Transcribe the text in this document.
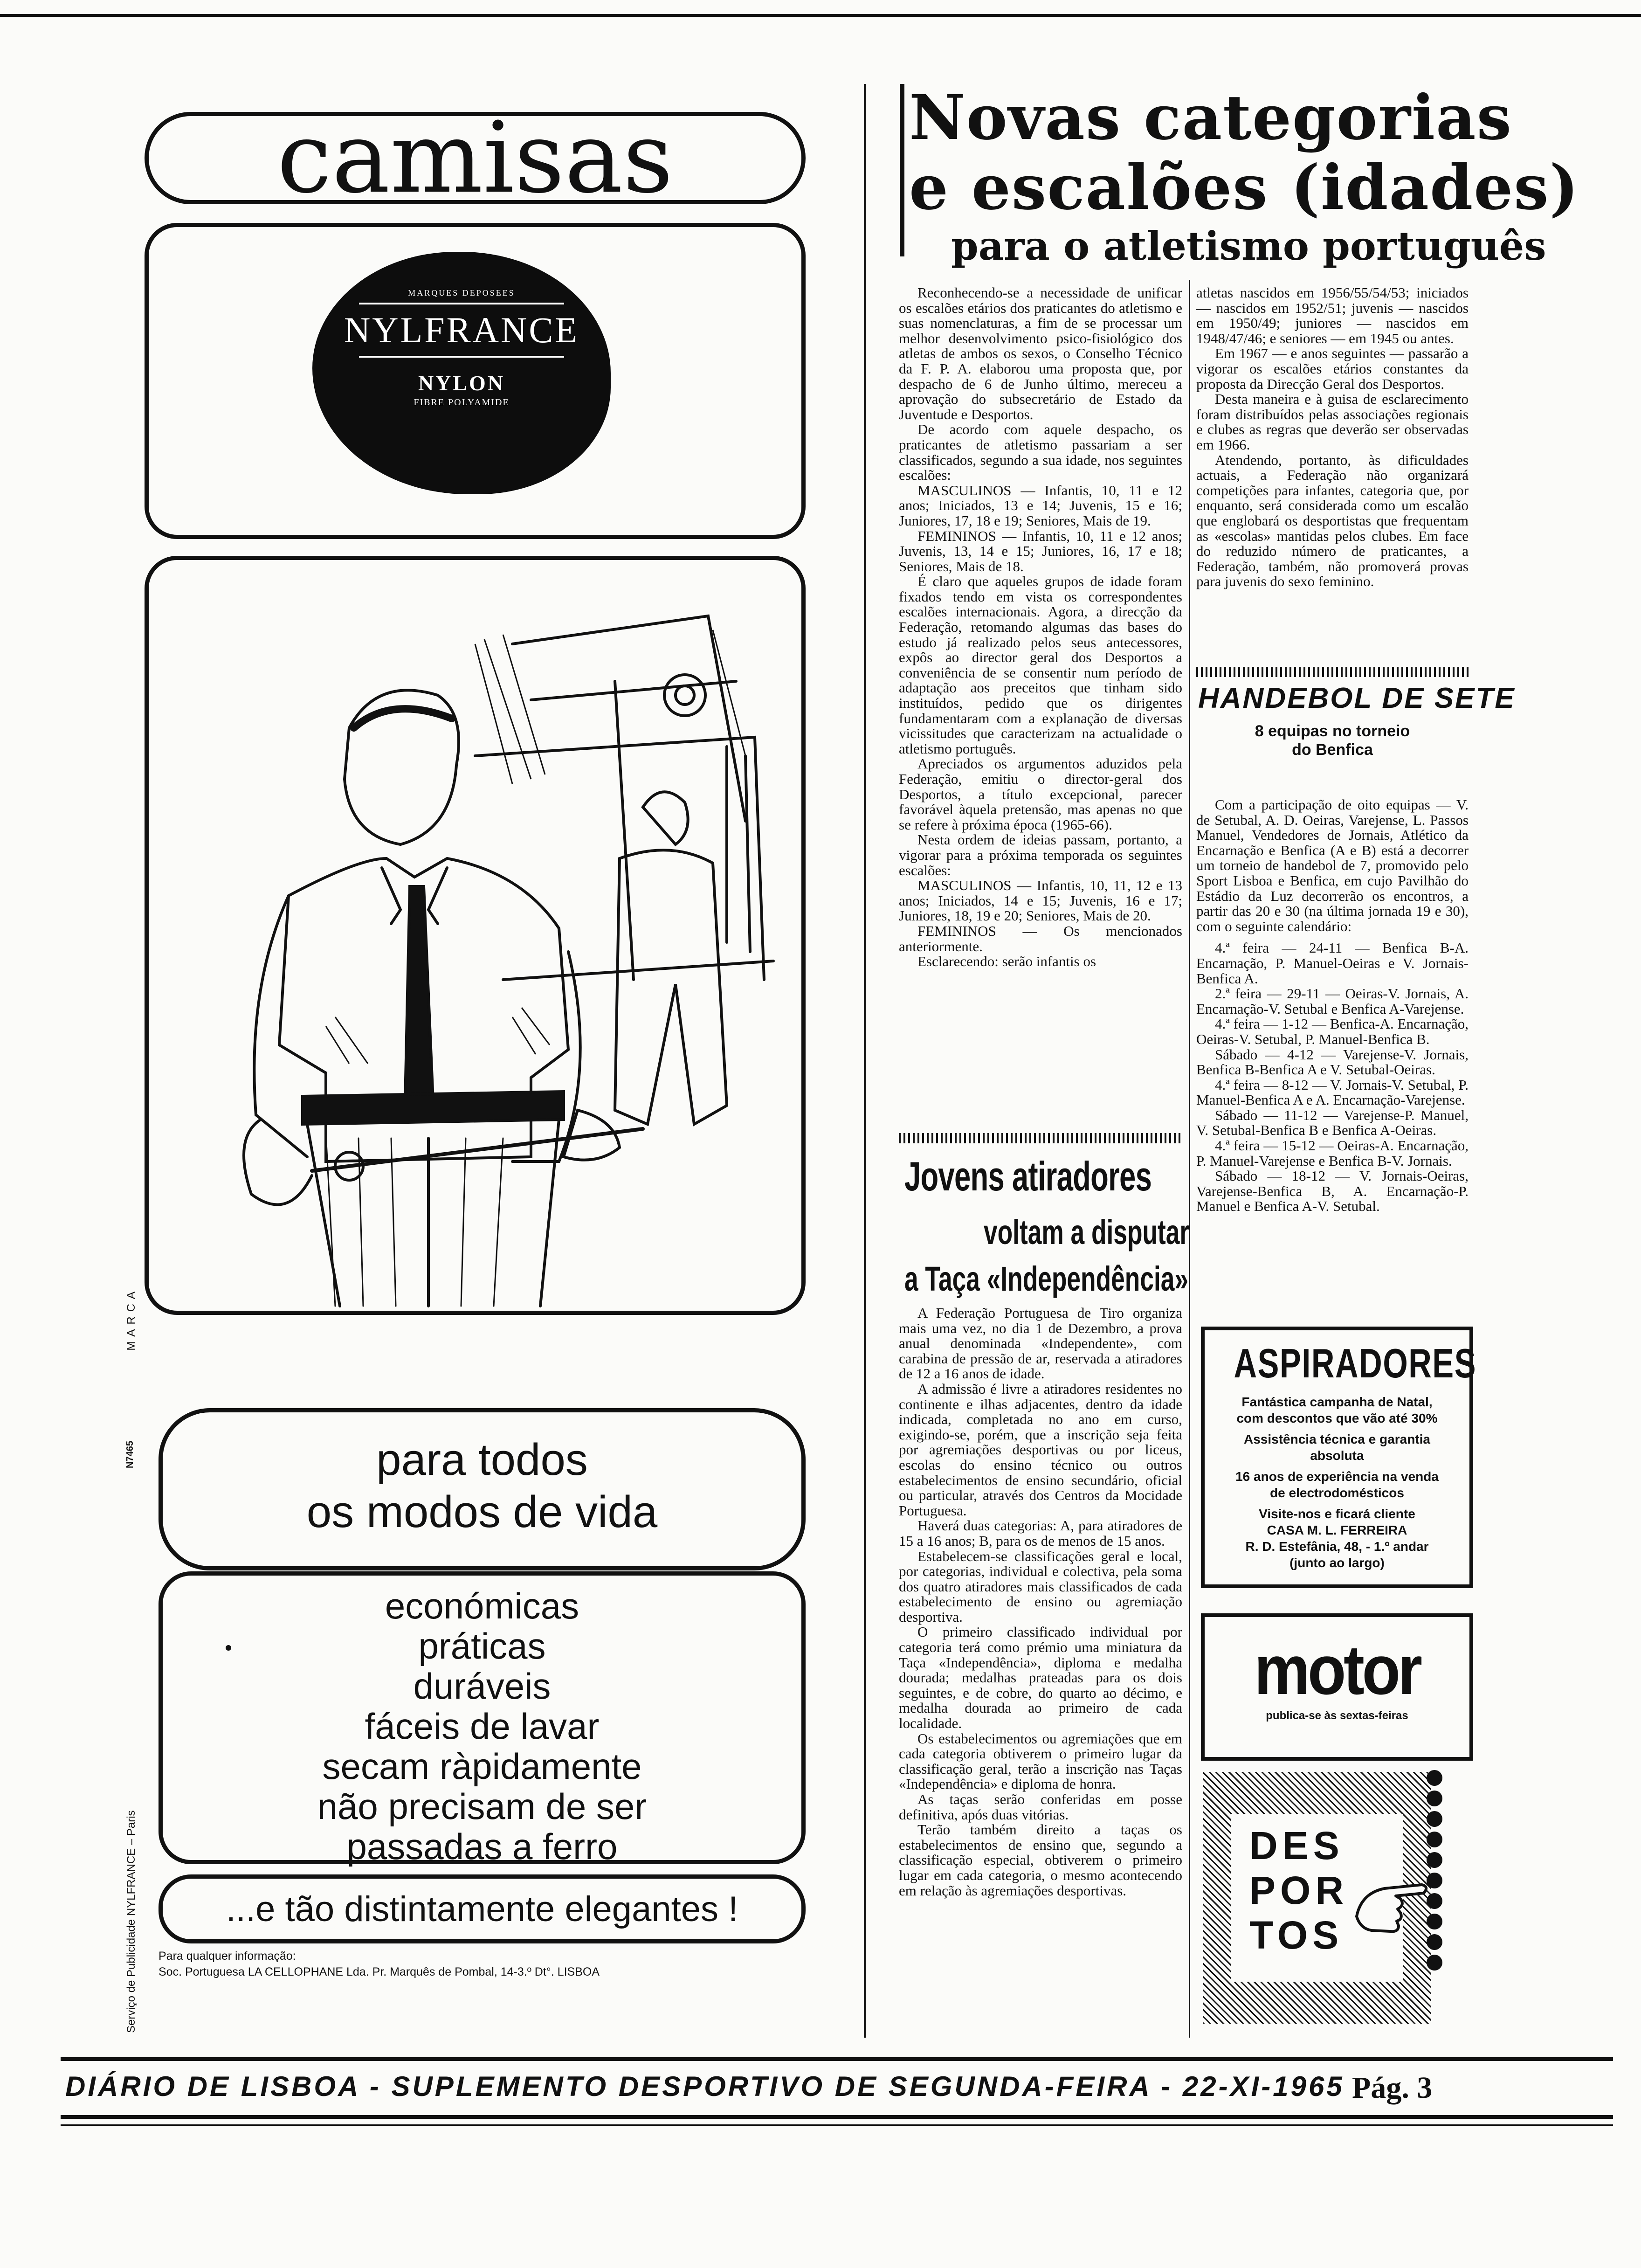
camisas
MARQUES DEPOSEES
NYLFRANCE
NYLON
FIBRE POLYAMIDE
MARCA
N7465
Serviço de Publicidade NYLFRANCE – Paris
para todos
os modos de vida
económicas
práticas
duráveis
fáceis de lavar
secam ràpidamente
não precisam de ser
passadas a ferro
...e tão distintamente elegantes !
Para qualquer informação:
Soc. Portuguesa LA CELLOPHANE Lda. Pr. Marquês de Pombal, 14-3.º Dt°. LISBOA
Novas categorias
e escalões (idades)
para o atletismo português

Reconhecendo-se a necessidade de unificar os escalões etários dos praticantes do atletismo e suas nomenclaturas, a fim de se processar um melhor desenvolvimento psico-fisiológico dos atletas de ambos os sexos, o Conselho Técnico da F. P. A. elaborou uma proposta que, por despacho de 6 de Junho último, mereceu a aprovação do subsecretário de Estado da Juventude e Desportos.

De acordo com aquele despacho, os praticantes de atletismo passariam a ser classificados, segundo a sua idade, nos seguintes escalões:

MASCULINOS — Infantis, 10, 11 e 12 anos; Iniciados, 13 e 14; Juvenis, 15 e 16; Juniores, 17, 18 e 19; Seniores, Mais de 19.

FEMININOS — Infantis, 10, 11 e 12 anos; Juvenis, 13, 14 e 15; Juniores, 16, 17 e 18; Seniores, Mais de 18.

É claro que aqueles grupos de idade foram fixados tendo em vista os correspondentes escalões internacionais. Agora, a direcção da Federação, retomando algumas das bases do estudo já realizado pelos seus antecessores, expôs ao director geral dos Desportos a conveniência de se consentir num período de adaptação aos preceitos que tinham sido instituídos, pedido que os dirigentes fundamentaram com a explanação de diversas vicissitudes que caracterizam na actualidade o atletismo português.

Apreciados os argumentos aduzidos pela Federação, emitiu o director-geral dos Desportos, a título excepcional, parecer favorável àquela pretensão, mas apenas no que se refere à próxima época (1965-66).

Nesta ordem de ideias passam, portanto, a vigorar para a próxima temporada os seguintes escalões:

MASCULINOS — Infantis, 10, 11, 12 e 13 anos; Iniciados, 14 e 15; Juvenis, 16 e 17; Juniores, 18, 19 e 20; Seniores, Mais de 20.

FEMININOS — Os mencionados anteriormente.

Esclarecendo: serão infantis os

atletas nascidos em 1956/55/54/53; iniciados — nascidos em 1952/51; juvenis — nascidos em 1950/49; juniores — nascidos em 1948/47/46; e seniores — em 1945 ou antes.

Em 1967 — e anos seguintes — passarão a vigorar os escalões etários constantes da proposta da Direcção Geral dos Desportos.

Desta maneira e à guisa de esclarecimento foram distribuídos pelas associações regionais e clubes as regras que deverão ser observadas em 1966.

Atendendo, portanto, às dificuldades actuais, a Federação não organizará competições para infantes, categoria que, por enquanto, será considerada como um escalão que englobará os desportistas que frequentam as «escolas» mantidas pelos clubes. Em face do reduzido número de praticantes, a Federação, também, não promoverá provas para juvenis do sexo feminino.

HANDEBOL DE SETE
8 equipas no torneio
do Benfica

Com a participação de oito equipas — V. de Setubal, A. D. Oeiras, Varejense, L. Passos Manuel, Vendedores de Jornais, Atlético da Encarnação e Benfica (A e B) está a decorrer um torneio de handebol de 7, promovido pelo Sport Lisboa e Benfica, em cujo Pavilhão do Estádio da Luz decorrerão os encontros, a partir das 20 e 30 (na última jornada 19 e 30), com o seguinte calendário:

4.ª feira — 24-11 — Benfica B-A. Encarnação, P. Manuel-Oeiras e V. Jornais-Benfica A.

2.ª feira — 29-11 — Oeiras-V. Jornais, A. Encarnação-V. Setubal e Benfica A-Varejense.

4.ª feira — 1-12 — Benfica-A. Encarnação, Oeiras-V. Setubal, P. Manuel-Benfica B.

Sábado — 4-12 — Varejense-V. Jornais, Benfica B-Benfica A e V. Setubal-Oeiras.

4.ª feira — 8-12 — V. Jornais-V. Setubal, P. Manuel-Benfica A e A. Encarnação-Varejense.

Sábado — 11-12 — Varejense-P. Manuel, V. Setubal-Benfica B e Benfica A-Oeiras.

4.ª feira — 15-12 — Oeiras-A. Encarnação, P. Manuel-Varejense e Benfica B-V. Jornais.

Sábado — 18-12 — V. Jornais-Oeiras, Varejense-Benfica B, A. Encarnação-P. Manuel e Benfica A-V. Setubal.

Jovens atiradores
voltam a disputar
a Taça «Independência»

A Federação Portuguesa de Tiro organiza mais uma vez, no dia 1 de Dezembro, a prova anual denominada «Independente», com carabina de pressão de ar, reservada a atiradores de 12 a 16 anos de idade.

A admissão é livre a atiradores residentes no continente e ilhas adjacentes, dentro da idade indicada, completada no ano em curso, exigindo-se, porém, que a inscrição seja feita por agremiações desportivas ou por liceus, escolas do ensino técnico ou outros estabelecimentos de ensino secundário, oficial ou particular, através dos Centros da Mocidade Portuguesa.

Haverá duas categorias: A, para atiradores de 15 a 16 anos; B, para os de menos de 15 anos.

Estabelecem-se classificações geral e local, por categorias, individual e colectiva, pela soma dos quatro atiradores mais classificados de cada estabelecimento de ensino ou agremiação desportiva.

O primeiro classificado individual por categoria terá como prémio uma miniatura da Taça «Independência», diploma e medalha dourada; medalhas prateadas para os dois seguintes, e de cobre, do quarto ao décimo, e medalha dourada ao primeiro de cada localidade.

Os estabelecimentos ou agremiações que em cada categoria obtiverem o primeiro lugar da classificação geral, terão a inscrição nas Taças «Independência» e diploma de honra.

As taças serão conferidas em posse definitiva, após duas vitórias.

Terão também direito a taças os estabelecimentos de ensino que, segundo a classificação especial, obtiverem o primeiro lugar em cada categoria, o mesmo acontecendo em relação às agremiações desportivas.

ASPIRADORES
Fantástica campanha de Natal,
com descontos que vão até 30%
Assistência técnica e garantia
absoluta
16 anos de experiência na venda
de electrodomésticos
Visite-nos e ficará cliente
CASA M. L. FERREIRA
R. D. Estefânia, 48, - 1.º andar
(junto ao largo)
motor
publica-se às sextas-feiras
DES
POR
TOS
DIÁRIO DE LISBOA - SUPLEMENTO DESPORTIVO DE SEGUNDA-FEIRA - 22-XI-1965 Pág. 3
